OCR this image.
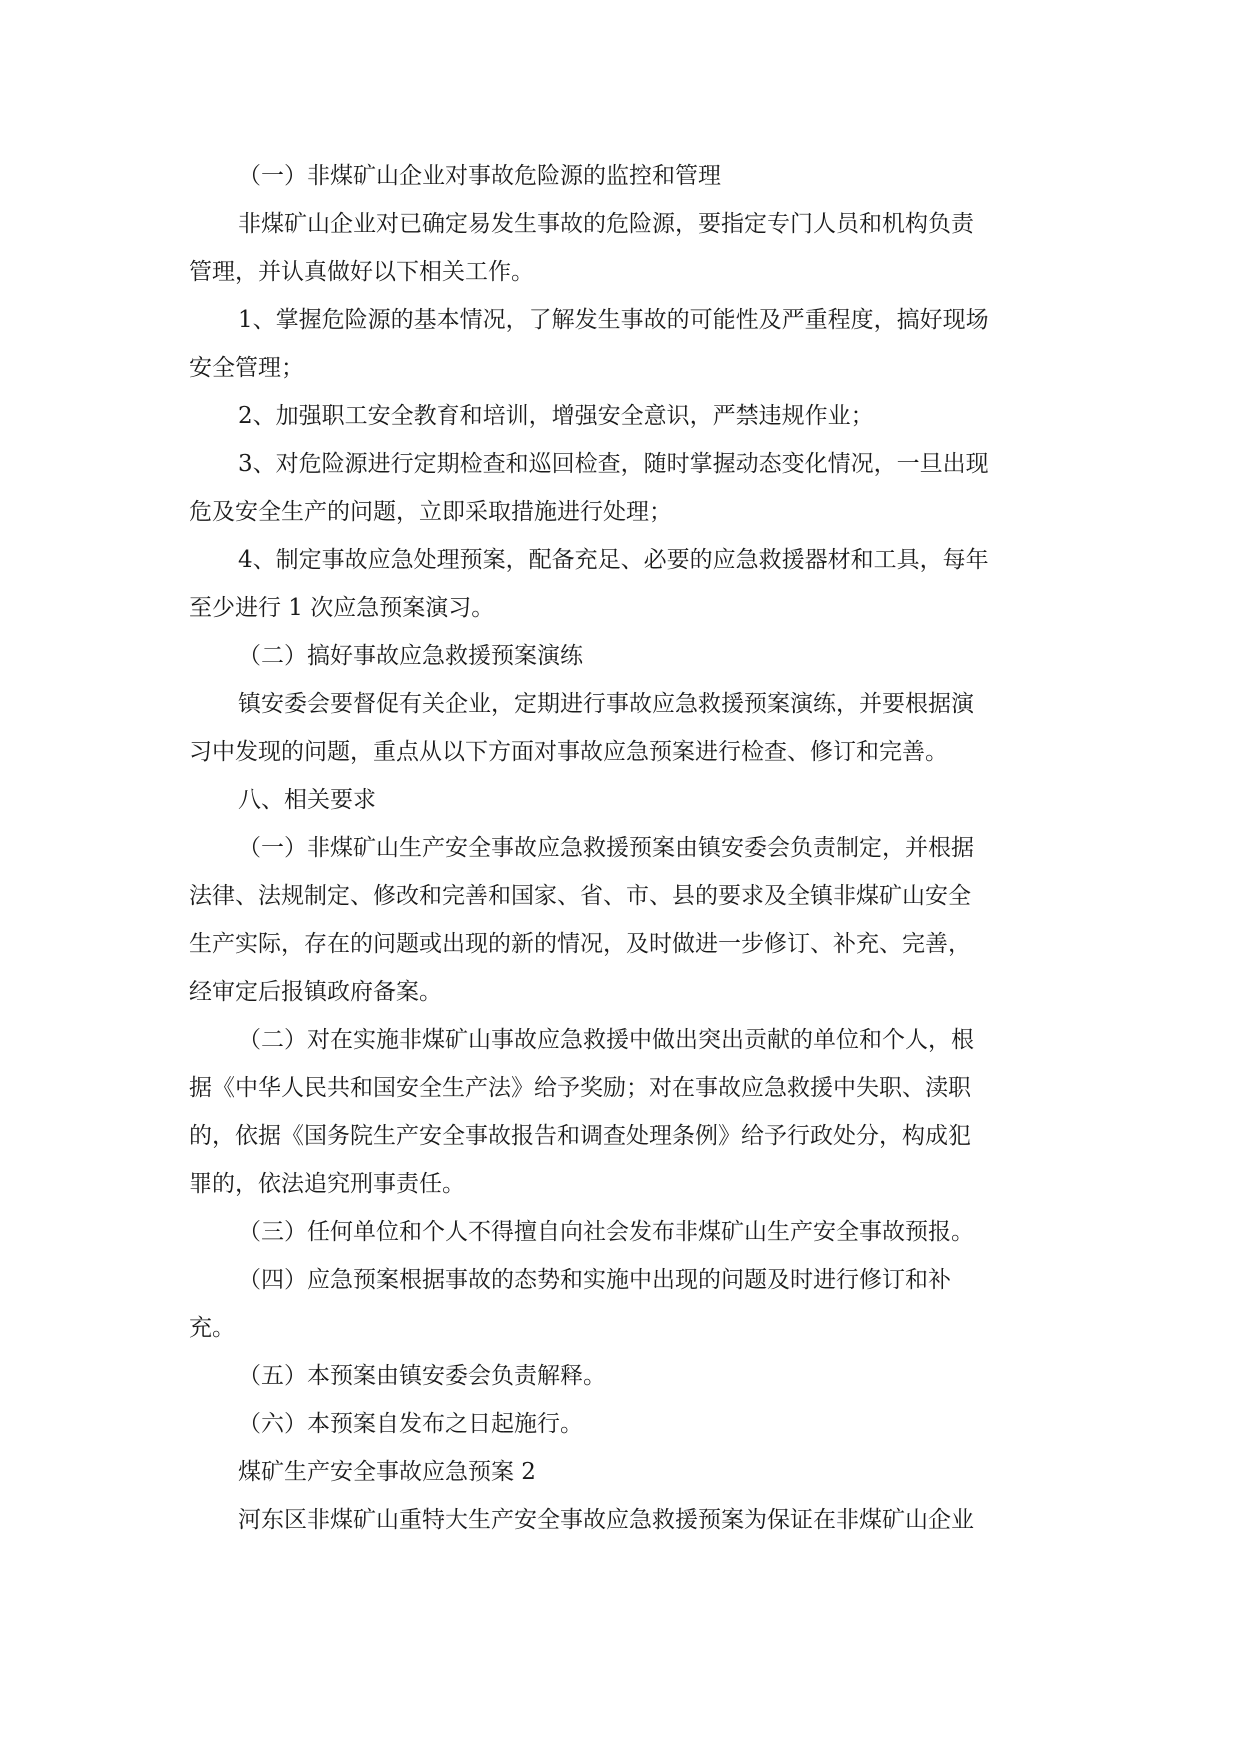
（一）非煤矿山企业对事故危险源的监控和管理
非煤矿山企业对已确定易发生事故的危险源，要指定专门人员和机构负责
管理，并认真做好以下相关工作。
1、掌握危险源的基本情况，了解发生事故的可能性及严重程度，搞好现场
安全管理；
2、加强职工安全教育和培训，增强安全意识，严禁违规作业；
3、对危险源进行定期检查和巡回检查，随时掌握动态变化情况，一旦出现
危及安全生产的问题，立即采取措施进行处理；
4、制定事故应急处理预案，配备充足、必要的应急救援器材和工具，每年
至少进行 1 次应急预案演习。
（二）搞好事故应急救援预案演练
镇安委会要督促有关企业，定期进行事故应急救援预案演练，并要根据演
习中发现的问题，重点从以下方面对事故应急预案进行检查、修订和完善。
八、相关要求
（一）非煤矿山生产安全事故应急救援预案由镇安委会负责制定，并根据
法律、法规制定、修改和完善和国家、省、市、县的要求及全镇非煤矿山安全
生产实际，存在的问题或出现的新的情况，及时做进一步修订、补充、完善，
经审定后报镇政府备案。
（二）对在实施非煤矿山事故应急救援中做出突出贡献的单位和个人，根
据《中华人民共和国安全生产法》给予奖励；对在事故应急救援中失职、渎职
的，依据《国务院生产安全事故报告和调查处理条例》给予行政处分，构成犯
罪的，依法追究刑事责任。
（三）任何单位和个人不得擅自向社会发布非煤矿山生产安全事故预报。
（四）应急预案根据事故的态势和实施中出现的问题及时进行修订和补
充。
（五）本预案由镇安委会负责解释。
（六）本预案自发布之日起施行。
煤矿生产安全事故应急预案 2
河东区非煤矿山重特大生产安全事故应急救援预案为保证在非煤矿山企业
